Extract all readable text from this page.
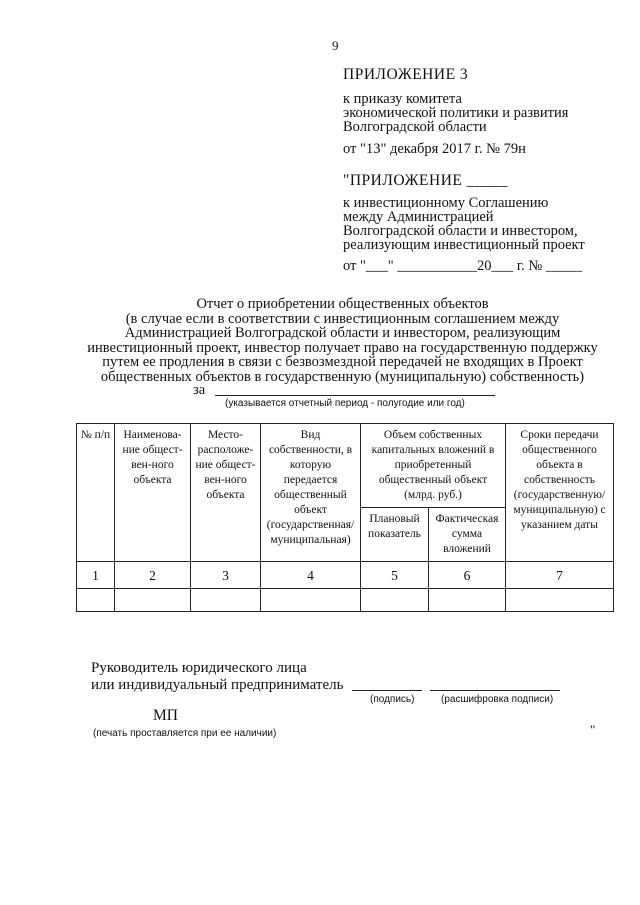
9
ПРИЛОЖЕНИЕ 3
к приказу комитета
экономической политики и развития
Волгоградской области
от "13" декабря 2017 г. № 79н
"ПРИЛОЖЕНИЕ _____
к инвестиционному Соглашению
между Администрацией
Волгоградской области и инвестором,
реализующим инвестиционный проект
от "___" ___________20___ г. № _____
Отчет о приобретении общественных объектов
(в случае если в соответствии с инвестиционным соглашением между
Администрацией Волгоградской области и инвестором, реализующим
инвестиционный проект, инвестор получает право на государственную поддержку
путем ее продления в связи с безвозмездной передачей не входящих в Проект
общественных объектов в государственную (муниципальную) собственность)
за
(указывается отчетный период - полугодие или год)
№ п/п	Наименова-ние обществен-ного объекта	Место-расположе-ние обществен-ного объекта	Вид собственности, в которую передается общественный объект (государственная/ муниципальная)	Объем собственных капитальных вложений в приобретенный общественный объект (млрд. руб.)		Сроки передачи общественного объекта в собственность (государственную/ муниципальную) с указанием даты
				Плановый показатель	Фактическая сумма вложений	
1	2	3	4	5	6	7

Руководитель юридического лица
или индивидуальный предприниматель
(подпись)	(расшифровка подписи)
МП
(печать проставляется при ее наличии)	"
